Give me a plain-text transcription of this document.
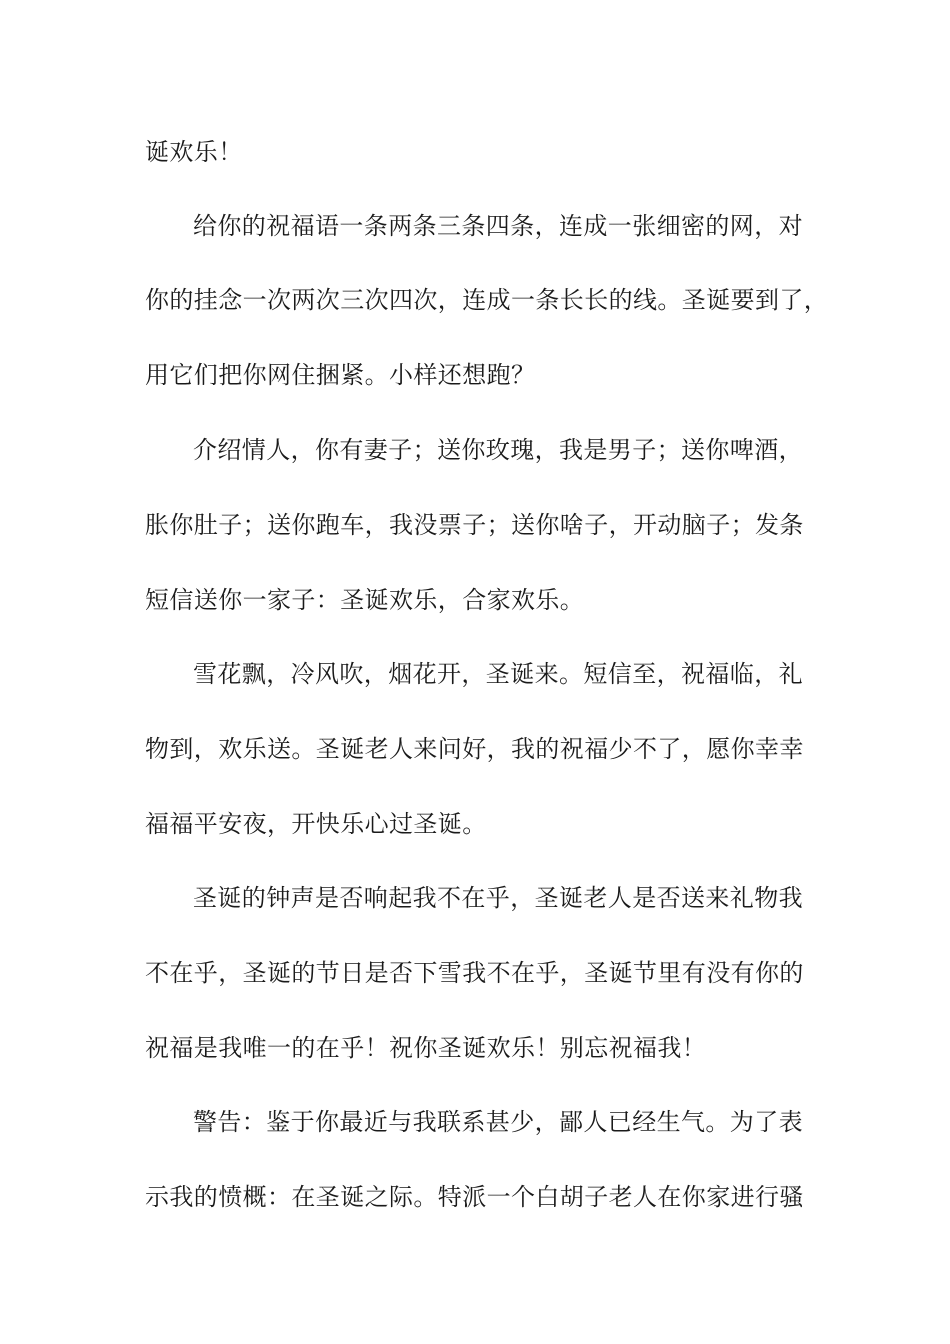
诞欢乐！
给你的祝福语一条两条三条四条，连成一张细密的网，对
你的挂念一次两次三次四次，连成一条长长的线。圣诞要到了，
用它们把你网住捆紧。小样还想跑？
介绍情人，你有妻子；送你玫瑰，我是男子；送你啤酒，
胀你肚子；送你跑车，我没票子；送你啥子，开动脑子；发条
短信送你一家子：圣诞欢乐，合家欢乐。
雪花飘，冷风吹，烟花开，圣诞来。短信至，祝福临，礼
物到，欢乐送。圣诞老人来问好，我的祝福少不了，愿你幸幸
福福平安夜，开快乐心过圣诞。
圣诞的钟声是否响起我不在乎，圣诞老人是否送来礼物我
不在乎，圣诞的节日是否下雪我不在乎，圣诞节里有没有你的
祝福是我唯一的在乎！祝你圣诞欢乐！别忘祝福我！
警告：鉴于你最近与我联系甚少，鄙人已经生气。为了表
示我的愤概：在圣诞之际。特派一个白胡子老人在你家进行骚
